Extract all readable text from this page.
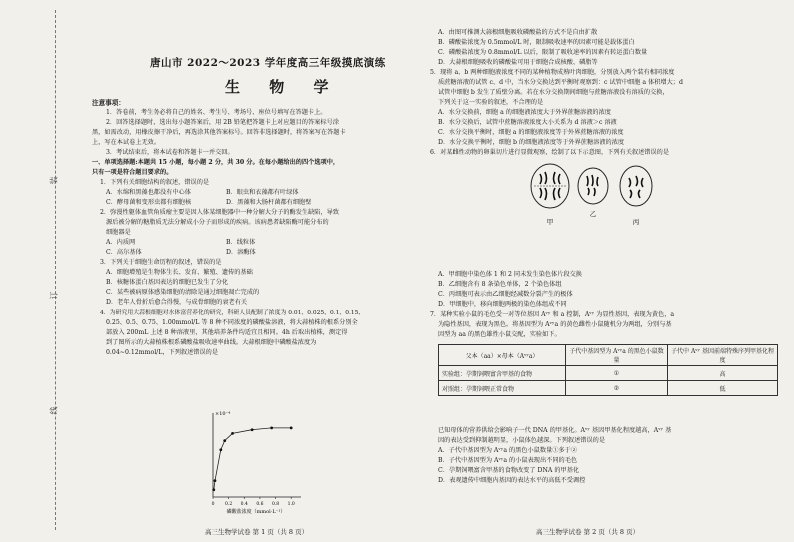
装
订
线
唐山市 2022～2023 学年度高三年级摸底演练
生 物 学

注意事项：

1．答卷前，考生务必将自己的姓名、考生号、考场号、座位号填写在答题卡上。

2．回答选择题时，选出每小题答案后，用 2B 铅笔把答题卡上对应题目的答案标号涂

黑，如需改动，用橡皮擦干净后，再选涂其他答案标号。回答非选择题时，将答案写在答题卡

上，写在本试卷上无效。

3．考试结束后，将本试卷和答题卡一并交回。

一、单项选择题:本题共 15 小题，每小题 2 分，共 30 分。在每小题给出的四个选项中，

只有一项是符合题目要求的。

1．下列有关细胞结构的叙述，错误的是

A．水绵和黑藻也都没有中心体	B．眼虫和衣藻都有叶绿体

C．酵母菌和变形虫都有细胞核	D．黑藻和大肠杆菌都有细胞壁

2．弥漫性躯体血管角质瘤主要是因人体某细胞器中一种分解大分子的酶发生缺陷，导致

源后被分解的糖脂质无法分解成小分子而形成的疾病。该病患者缺陷酶可能分布的

细胞器是

A．内质网	B．线粒体

C．高尔基体	D．溶酶体

3．下列关于细胞生命历程的叙述，错误的是

A．细胞增殖是生物体生长、发育、繁殖、遗传的基础

B．核糖体蛋白基因表达的细胞已发生了分化

C．某些被病原体感染细胞的清除是通过细胞凋亡完成的

D．老年人骨折后愈合得慢，与成骨细胞的衰老有关

4．为研究用大蒜根细胞对水体富营养化的研究，科研人员配制了浓度为 0.01、0.025、0.1、0.15、

0.25、0.5、0.75、1.00mmol/L 等 8 种不同浓度的磷酸盐溶液，将大蒜植株的根系分别全

部放入 200mL 上述 8 种溶液里，其他培养条件均适宜且相同。4h 后取出植株，测定得

到了图所示的大蒜植株根系磷酸盐吸收速率曲线。大蒜根细胞中磷酸盐浓度为

0.04~0.12mmol/L，下列叙述错误的是

×10⁻⁴
0 0.2 0.4 0.6 0.8 1.0
磷酸盐浓度（mmol·L⁻¹）
高三生物学试卷 第 1 页（共 8 页）

A．由图可推测大蒜根细胞吸收磷酸盐的方式不是自由扩散

B．磷酸盐浓度为 0.5mmol/L 时，限制吸收速率的因素可能是载体蛋白

C．磷酸盐浓度为 0.8mmol/L 以后，限制了吸收速率的因素有转运蛋白数量

D．大蒜根细胞吸收的磷酸盐可用于细胞合成核酸、磷脂等

5．现将 a、b 两种细胞液浓度不同的某种植物成熟叶肉细胞，分别放入两个装有相同浓度

质蔗糖溶液的试管 c、d 中，当水分交换达到平衡时观察到：c 试管中细胞 a 体积增大；d

试管中细胞 b 发生了质壁分离。若在水分交换期间细胞与蔗糖溶液没有溶质的交换，

下列关于这一实验的叙述，不合理的是

A．水分交换前，细胞 a 的细胞液浓度大于外界蔗糖溶液的浓度

B．水分交换后，试管中蔗糖溶液浓度大小关系为 d 溶液＞c 溶液

C．水分交换平衡时，细胞 a 的细胞液浓度等于外界蔗糖溶液的浓度

D．水分交换平衡时，细胞 b 的细胞液浓度等于外界蔗糖溶液的浓度

6．对某雌性动物的卵巢切片进行显微观察，绘制了以下示意图，下列有关叙述错误的是

甲
乙
丙

A．甲细胞中染色体 1 和 2 同未发生染色体片段交换

B．乙细胞含有 8 条染色单体，2 个染色体组

C．丙细胞可表示由乙细胞经减数分裂产生的极体

D．甲细胞中，移向细胞两极的染色体组成不同

7．某种实验小鼠的毛色受一对等位基因 Aᵛʸ 和 a 控制，Aᵛʸ 为显性基因，表现为黄色，a

为隐性基因，表现为黑色。将基因型为 Aᵛʸa 的黄色雌性小鼠随机分为两组，分别与基

因型为 aa 的黑色雄性小鼠交配，实验如下。

父本（aa）×母本（Aᵛʸa）	子代中基因型为 Aᵛʸa 的黑色小鼠数量	子代中 Aᵛʸ 基因前端特殊序列甲基化程度
实验组：孕期饲喂富含甲基的食物	①	高
对照组：孕期饲喂正常食物	②	低

已知母体的营养供给会影响子一代 DNA 的甲基化。Aᵛʸ 基因甲基化程度越高，Aᵛʸ 基

因的表达受到抑制越明显，小鼠体色越深。下列叙述错误的是

A．子代中基因型为 Aᵛʸa 的黑色小鼠数量①多于②

B．子代中基因型为 Aᵛʸa 的小鼠表现出不同的毛色

C．孕期饲喂富含甲基的食物改变了 DNA 的甲基化

D．表观遗传中细胞内基因的表达水平的高低不受调控

高三生物学试卷 第 2 页（共 8 页）
